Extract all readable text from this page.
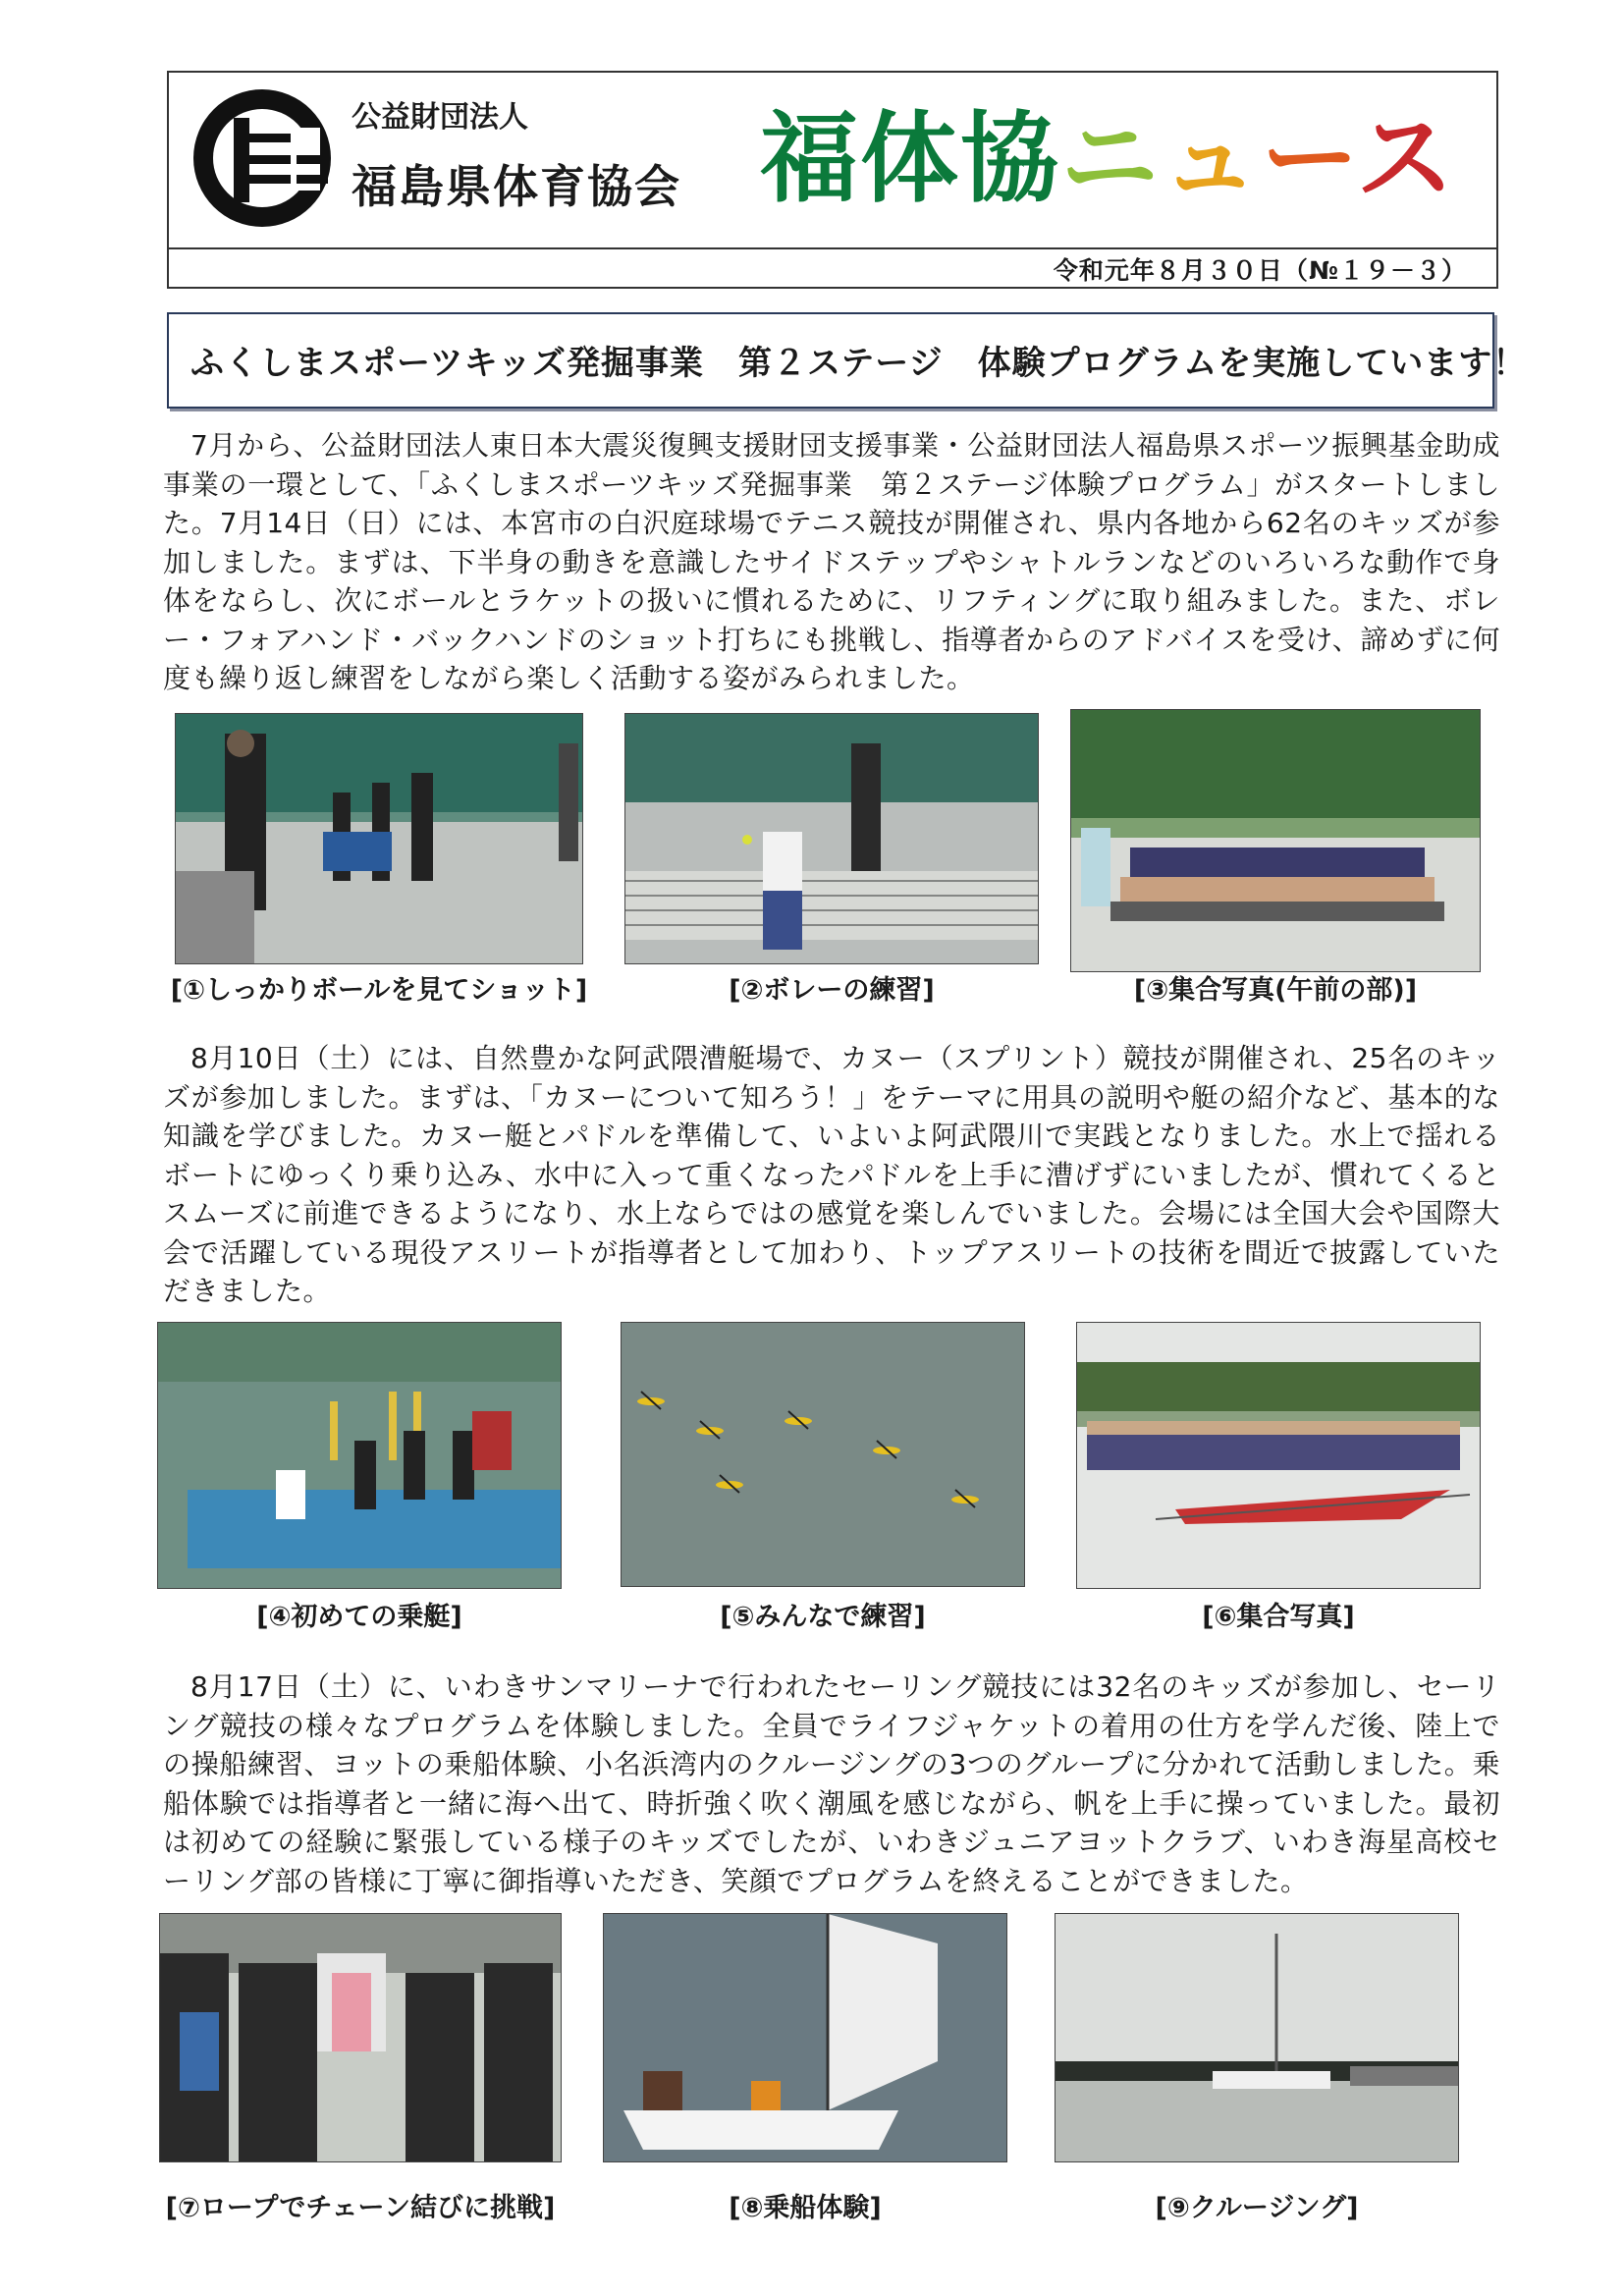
公益財団法人
福島県体育協会 福体協ニュース
令和元年８月３０日（№１９－３）
ふくしまスポーツキッズ発掘事業　第２ステージ　体験プログラムを実施しています！
7月から、公益財団法人東日本大震災復興支援財団支援事業・公益財団法人福島県スポーツ振興基金助成事業の一環として、「ふくしまスポーツキッズ発掘事業　第２ステージ体験プログラム」がスタートしました。7月14日（日）には、本宮市の白沢庭球場でテニス競技が開催され、県内各地から62名のキッズが参加しました。まずは、下半身の動きを意識したサイドステップやシャトルランなどのいろいろな動作で身体をならし、次にボールとラケットの扱いに慣れるために、リフティングに取り組みました。また、ボレー・フォアハンド・バックハンドのショット打ちにも挑戦し、指導者からのアドバイスを受け、諦めずに何度も繰り返し練習をしながら楽しく活動する姿がみられました。
[①しっかりボールを見てショット]	[②ボレーの練習]	[③集合写真(午前の部)]
8月10日（土）には、自然豊かな阿武隈漕艇場で、カヌー（スプリント）競技が開催され、25名のキッズが参加しました。まずは、「カヌーについて知ろう！」をテーマに用具の説明や艇の紹介など、基本的な知識を学びました。カヌー艇とパドルを準備して、いよいよ阿武隈川で実践となりました。水上で揺れるボートにゆっくり乗り込み、水中に入って重くなったパドルを上手に漕げずにいましたが、慣れてくるとスムーズに前進できるようになり、水上ならではの感覚を楽しんでいました。会場には全国大会や国際大会で活躍している現役アスリートが指導者として加わり、トップアスリートの技術を間近で披露していただきました。
[④初めての乗艇]	[⑤みんなで練習]	[⑥集合写真]
8月17日（土）に、いわきサンマリーナで行われたセーリング競技には32名のキッズが参加し、セーリング競技の様々なプログラムを体験しました。全員でライフジャケットの着用の仕方を学んだ後、陸上での操船練習、ヨットの乗船体験、小名浜湾内のクルージングの3つのグループに分かれて活動しました。乗船体験では指導者と一緒に海へ出て、時折強く吹く潮風を感じながら、帆を上手に操っていました。最初は初めての経験に緊張している様子のキッズでしたが、いわきジュニアヨットクラブ、いわき海星高校セーリング部の皆様に丁寧に御指導いただき、笑顔でプログラムを終えることができました。
[⑦ロープでチェーン結びに挑戦]	[⑧乗船体験]	[⑨クルージング]
